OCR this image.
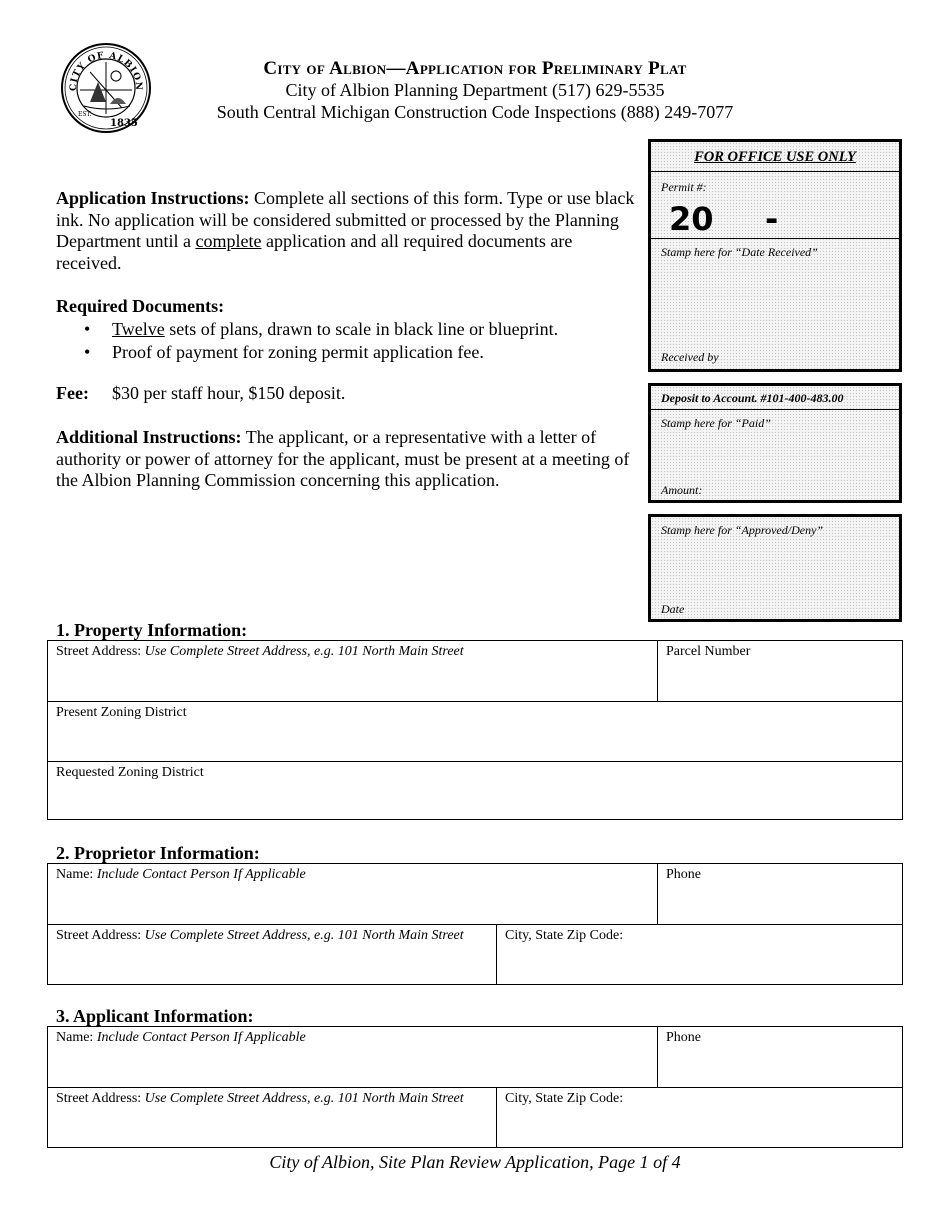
CITY OF ALBION
EST.
1835
City of Albion—Application for Preliminary Plat
City of Albion Planning Department (517) 629-5535
South Central Michigan Construction Code Inspections (888) 249-7077
Application Instructions: Complete all sections of this form. Type or use black ink. No application will be considered submitted or processed by the Planning Department until a complete application and all required documents are received.
Required Documents:
• Twelve sets of plans, drawn to scale in black line or blueprint.
• Proof of payment for zoning permit application fee.
Fee: $30 per staff hour, $150 deposit.
Additional Instructions: The applicant, or a representative with a letter of authority or power of attorney for the applicant, must be present at a meeting of the Albion Planning Commission concerning this application.
FOR OFFICE USE ONLY
Permit #:
20 -
Stamp here for “Date Received”
Received by
Deposit to Account. #101-400-483.00
Stamp here for “Paid”
Amount:
Stamp here for “Approved/Deny”
Date
1. Property Information:
Street Address: Use Complete Street Address, e.g. 101 North Main Street	Parcel Number
Present Zoning District
Requested Zoning District
2. Proprietor Information:
Name: Include Contact Person If Applicable	Phone
Street Address: Use Complete Street Address, e.g. 101 North Main Street	City, State Zip Code:
3. Applicant Information:
Name: Include Contact Person If Applicable	Phone
Street Address: Use Complete Street Address, e.g. 101 North Main Street	City, State Zip Code:
City of Albion, Site Plan Review Application, Page 1 of 4
